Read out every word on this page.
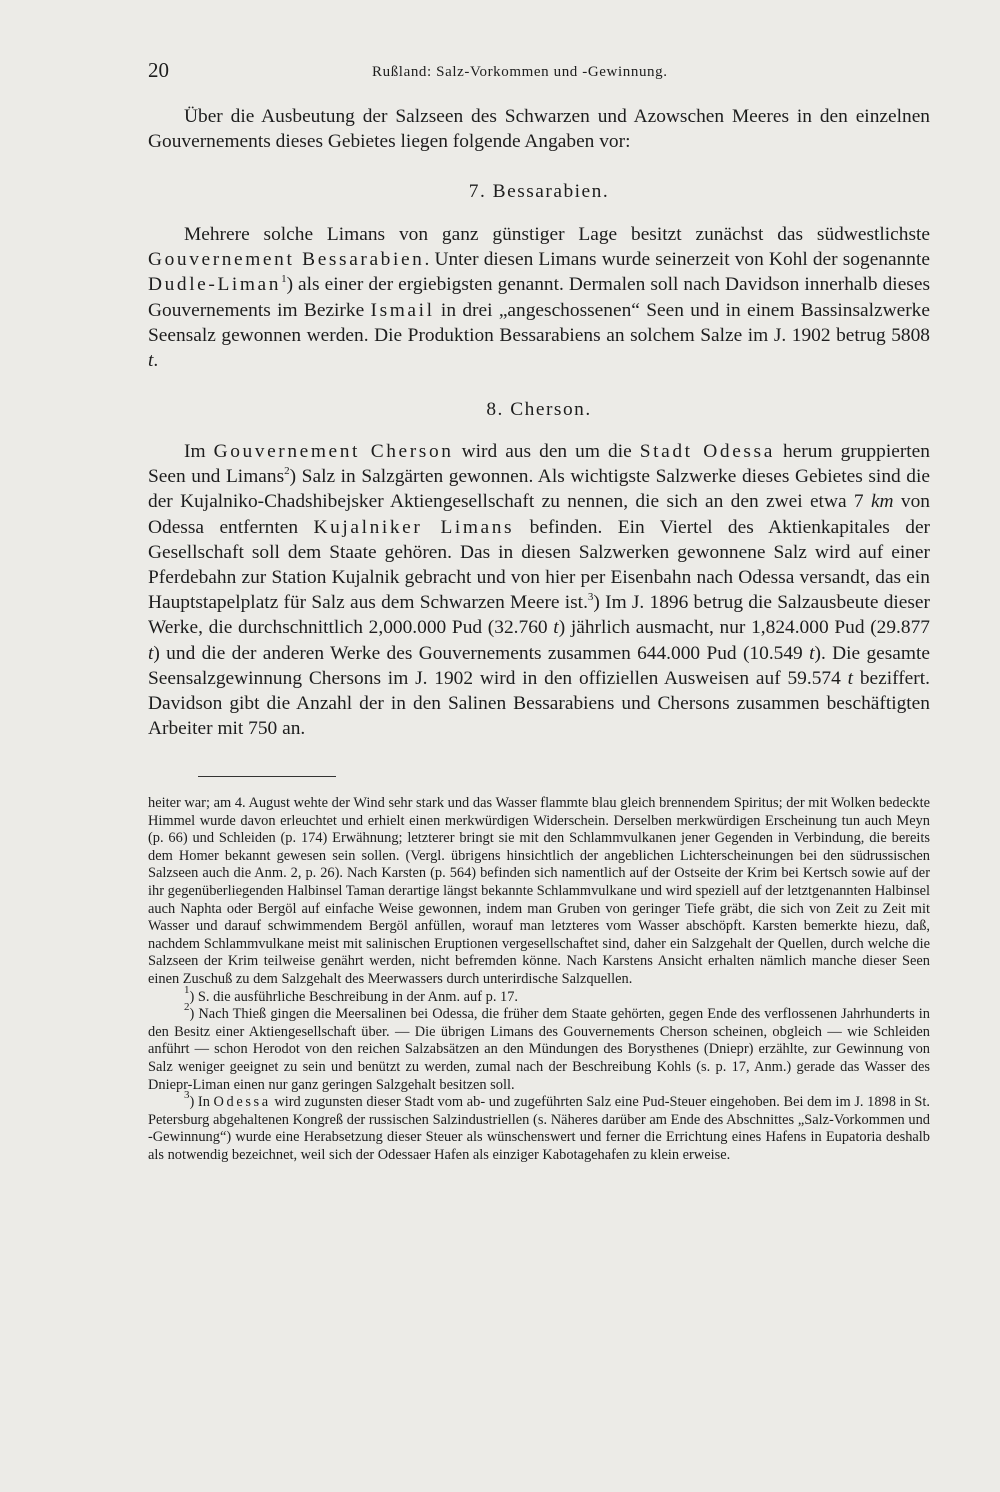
20	Rußland: Salz-Vorkommen und -Gewinnung.

Über die Ausbeutung der Salzseen des Schwarzen und Azowschen Meeres in den einzelnen Gouvernements dieses Gebietes liegen folgende Angaben vor:

7. Bessarabien.

Mehrere solche Limans von ganz günstiger Lage besitzt zunächst das südwestlichste Gouvernement Bessarabien. Unter diesen Limans wurde seinerzeit von Kohl der sogenannte Dudle-Liman$^1$) als einer der ergiebigsten genannt. Dermalen soll nach Davidson innerhalb dieses Gouvernements im Bezirke Ismail in drei „angeschossenen“ Seen und in einem Bassinsalzwerke Seensalz gewonnen werden. Die Produktion Bessarabiens an solchem Salze im J. 1902 betrug 5808 t.

8. Cherson.

Im Gouvernement Cherson wird aus den um die Stadt Odessa herum gruppierten Seen und Limans$^2$) Salz in Salzgärten gewonnen. Als wichtigste Salzwerke dieses Gebietes sind die der Kujalniko-Chadshibejsker Aktiengesellschaft zu nennen, die sich an den zwei etwa 7 km von Odessa entfernten Kujalniker Limans befinden. Ein Viertel des Aktienkapitales der Gesellschaft soll dem Staate gehören. Das in diesen Salzwerken gewonnene Salz wird auf einer Pferdebahn zur Station Kujalnik gebracht und von hier per Eisenbahn nach Odessa versandt, das ein Hauptstapelplatz für Salz aus dem Schwarzen Meere ist.$^3$) Im J. 1896 betrug die Salzausbeute dieser Werke, die durchschnittlich 2,000.000 Pud (32.760 t) jährlich ausmacht, nur 1,824.000 Pud (29.877 t) und die der anderen Werke des Gouvernements zusammen 644.000 Pud (10.549 t). Die gesamte Seensalzgewinnung Chersons im J. 1902 wird in den offiziellen Ausweisen auf 59.574 t beziffert. Davidson gibt die Anzahl der in den Salinen Bessarabiens und Chersons zusammen beschäftigten Arbeiter mit 750 an.

heiter war; am 4. August wehte der Wind sehr stark und das Wasser flammte blau gleich brennendem Spiritus; der mit Wolken bedeckte Himmel wurde davon erleuchtet und erhielt einen merkwürdigen Widerschein. Derselben merkwürdigen Erscheinung tun auch Meyn (p. 66) und Schleiden (p. 174) Erwähnung; letzterer bringt sie mit den Schlammvulkanen jener Gegenden in Verbindung, die bereits dem Homer bekannt gewesen sein sollen. (Vergl. übrigens hinsichtlich der angeblichen Lichterscheinungen bei den südrussischen Salzseen auch die Anm. 2, p. 26). Nach Karsten (p. 564) befinden sich namentlich auf der Ostseite der Krim bei Kertsch sowie auf der ihr gegenüberliegenden Halbinsel Taman derartige längst bekannte Schlammvulkane und wird speziell auf der letztgenannten Halbinsel auch Naphta oder Bergöl auf einfache Weise gewonnen, indem man Gruben von geringer Tiefe gräbt, die sich von Zeit zu Zeit mit Wasser und darauf schwimmendem Bergöl anfüllen, worauf man letzteres vom Wasser abschöpft. Karsten bemerkte hiezu, daß, nachdem Schlammvulkane meist mit salinischen Eruptionen vergesellschaftet sind, daher ein Salzgehalt der Quellen, durch welche die Salzseen der Krim teilweise genährt werden, nicht befremden könne. Nach Karstens Ansicht erhalten nämlich manche dieser Seen einen Zuschuß zu dem Salzgehalt des Meerwassers durch unterirdische Salzquellen.

$^1$) S. die ausführliche Beschreibung in der Anm. auf p. 17.

$^2$) Nach Thieß gingen die Meersalinen bei Odessa, die früher dem Staate gehörten, gegen Ende des verflossenen Jahrhunderts in den Besitz einer Aktiengesellschaft über. — Die übrigen Limans des Gouvernements Cherson scheinen, obgleich — wie Schleiden anführt — schon Herodot von den reichen Salzabsätzen an den Mündungen des Borysthenes (Dniepr) erzählte, zur Gewinnung von Salz weniger geeignet zu sein und benützt zu werden, zumal nach der Beschreibung Kohls (s. p. 17, Anm.) gerade das Wasser des Dniepr-Liman einen nur ganz geringen Salzgehalt besitzen soll.

$^3$) In Odessa wird zugunsten dieser Stadt vom ab- und zugeführten Salz eine Pud-Steuer eingehoben. Bei dem im J. 1898 in St. Petersburg abgehaltenen Kongreß der russischen Salzindustriellen (s. Näheres darüber am Ende des Abschnittes „Salz-Vorkommen und -Gewinnung“) wurde eine Herabsetzung dieser Steuer als wünschenswert und ferner die Errichtung eines Hafens in Eupatoria deshalb als notwendig bezeichnet, weil sich der Odessaer Hafen als einziger Kabotagehafen zu klein erweise.
